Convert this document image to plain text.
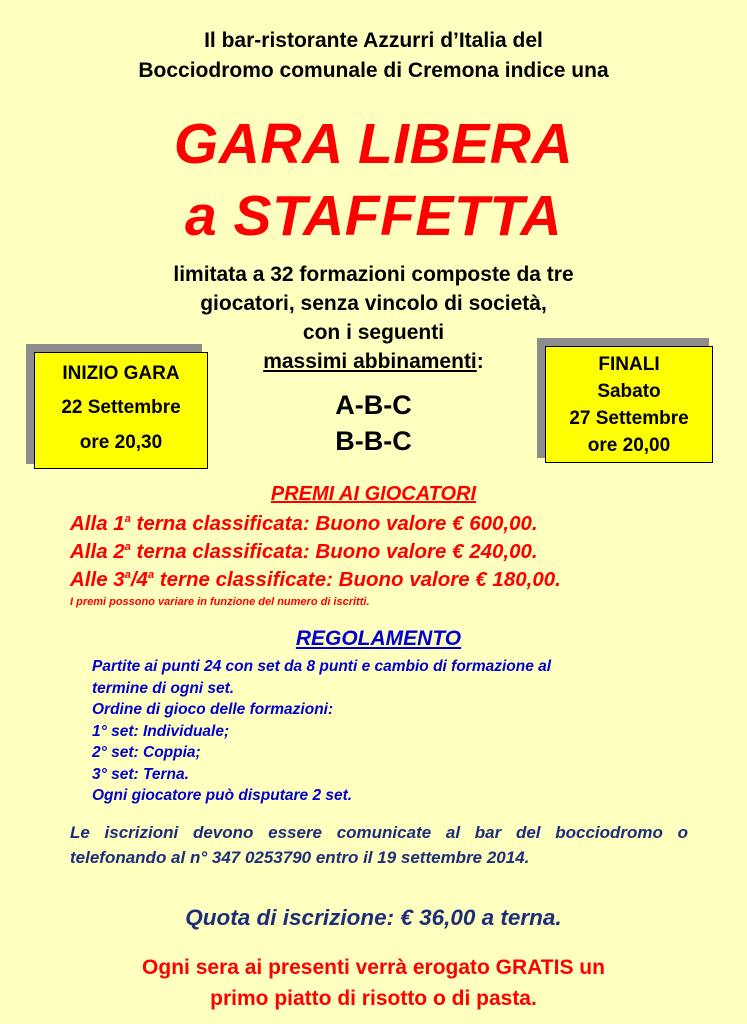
Il bar-ristorante Azzurri d’Italia del
Bocciodromo comunale di Cremona indice una
GARA LIBERA
a STAFFETTA
limitata a 32 formazioni composte da tre
giocatori, senza vincolo di società,
con i seguenti
massimi abbinamenti:
A-B-C
B-B-C
INIZIO GARA
22 Settembre
ore 20,30
FINALI
Sabato
27 Settembre
ore 20,00
PREMI AI GIOCATORI
Alla 1$^a$ terna classificata: Buono valore € 600,00.
Alla 2$^a$ terna classificata: Buono valore € 240,00.
Alle 3$^a$/4$^a$ terne classificate: Buono valore € 180,00.
I premi possono variare in funzione del numero di iscritti.
REGOLAMENTO
Partite ai punti 24 con set da 8 punti e cambio di formazione al
termine di ogni set.
Ordine di gioco delle formazioni:
1° set: Individuale;
2° set: Coppia;
3° set: Terna.
Ogni giocatore può disputare 2 set.
Le iscrizioni devono essere comunicate al bar del bocciodromo o telefonando al n° 347 0253790 entro il 19 settembre 2014.
Quota di iscrizione: € 36,00 a terna.
Ogni sera ai presenti verrà erogato GRATIS un
primo piatto di risotto o di pasta.
